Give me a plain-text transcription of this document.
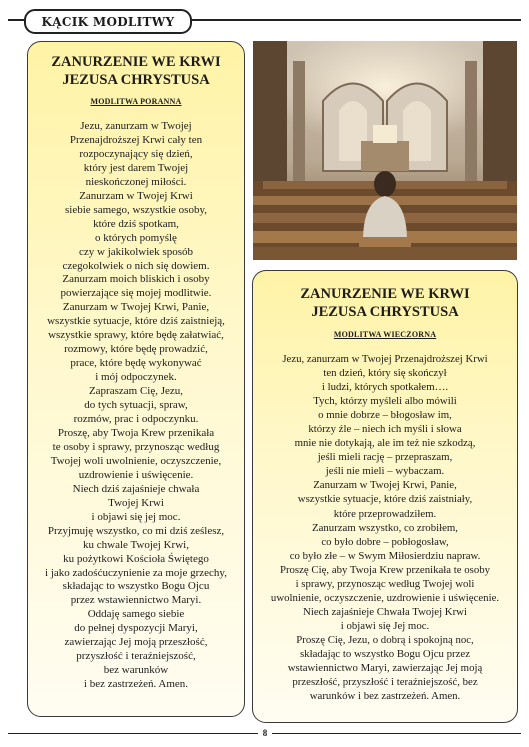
KĄCIK MODLITWY

ZANURZENIE WE KRWI
JEZUSA CHRYSTUSA

MODLITWA PORANNA
Jezu, zanurzam w Twojej
Przenajdroższej Krwi cały ten
rozpoczynający się dzień,
który jest darem Twojej
nieskończonej miłości.
Zanurzam w Twojej Krwi
siebie samego, wszystkie osoby,
które dziś spotkam,
o których pomyślę
czy w jakikolwiek sposób
czegokolwiek o nich się dowiem.
Zanurzam moich bliskich i osoby
powierzające się mojej modlitwie.
Zanurzam w Twojej Krwi, Panie,
wszystkie sytuacje, które dziś zaistnieją,
wszystkie sprawy, które będę załatwiać,
rozmowy, które będę prowadzić,
prace, które będę wykonywać
i mój odpoczynek.
Zapraszam Cię, Jezu,
do tych sytuacji, spraw,
rozmów, prac i odpoczynku.
Proszę, aby Twoja Krew przenikała
te osoby i sprawy, przynosząc według
Twojej woli uwolnienie, oczyszczenie,
uzdrowienie i uświęcenie.
Niech dziś zajaśnieje chwała
Twojej Krwi
i objawi się jej moc.
Przyjmuję wszystko, co mi dziś ześlesz,
ku chwale Twojej Krwi,
ku pożytkowi Kościoła Świętego
i jako zadośćuczynienie za moje grzechy,
składając to wszystko Bogu Ojcu
przez wstawiennictwo Maryi.
Oddaję samego siebie
do pełnej dyspozycji Maryi,
zawierzając Jej moją przeszłość,
przyszłość i teraźniejszość,
bez warunków
i bez zastrzeżeń. Amen.

ZANURZENIE WE KRWI
JEZUSA CHRYSTUSA

MODLITWA WIECZORNA
Jezu, zanurzam w Twojej Przenajdroższej Krwi
ten dzień, który się skończył
i ludzi, których spotkałem….
Tych, którzy myśleli albo mówili
o mnie dobrze – błogosław im,
którzy źle – niech ich myśli i słowa
mnie nie dotykają, ale im też nie szkodzą,
jeśli mieli rację – przepraszam,
jeśli nie mieli – wybaczam.
Zanurzam w Twojej Krwi, Panie,
wszystkie sytuacje, które dziś zaistniały,
które przeprowadziłem.
Zanurzam wszystko, co zrobiłem,
co było dobre – pobłogosław,
co było złe – w Swym Miłosierdziu napraw.
Proszę Cię, aby Twoja Krew przenikała te osoby
i sprawy, przynosząc według Twojej woli
uwolnienie, oczyszczenie, uzdrowienie i uświęcenie.
Niech zajaśnieje Chwała Twojej Krwi
i objawi się Jej moc.
Proszę Cię, Jezu, o dobrą i spokojną noc,
składając to wszystko Bogu Ojcu przez
wstawiennictwo Maryi, zawierzając Jej moją
przeszłość, przyszłość i teraźniejszość, bez
warunków i bez zastrzeżeń. Amen.
8
